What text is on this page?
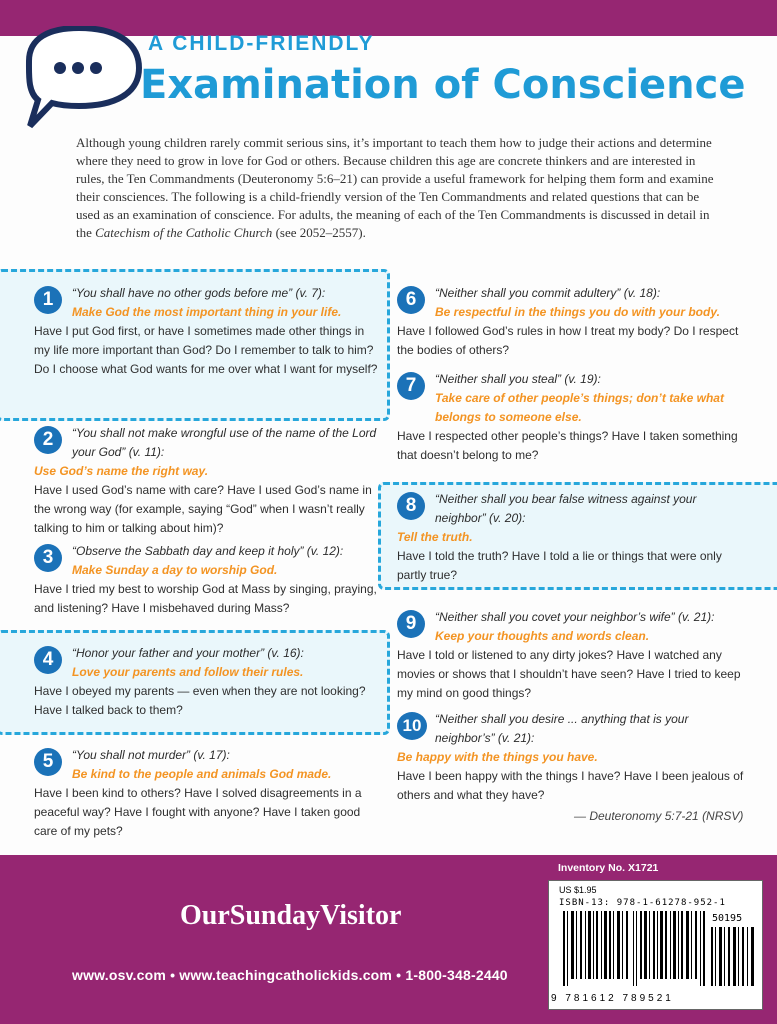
A CHILD-FRIENDLY
Examination of Conscience
Although young children rarely commit serious sins, it’s important to teach them how to judge their actions and determine where they need to grow in love for God or others. Because children this age are concrete thinkers and are interested in rules, the Ten Commandments (Deuteronomy 5:6–21) can provide a useful framework for helping them form and examine their consciences. The following is a child-friendly version of the Ten Commandments and related questions that can be used as an examination of conscience. For adults, the meaning of each of the Ten Commandments is discussed in detail in the Catechism of the Catholic Church (see 2052–2557).
1	“You shall have no other gods before me” (v. 7):
Make God the most important thing in your life.
Have I put God first, or have I sometimes made other things in my life more important than God? Do I remember to talk to him? Do I choose what God wants for me over what I want for myself?
2	“You shall not make wrongful use of the name of the Lord your God” (v. 11):
Use God’s name the right way.
Have I used God’s name with care? Have I used God’s name in the wrong way (for example, saying “God” when I wasn’t really talking to him or talking about him)?
3	“Observe the Sabbath day and keep it holy” (v. 12):
Make Sunday a day to worship God.
Have I tried my best to worship God at Mass by singing, praying, and listening? Have I misbehaved during Mass?
4	“Honor your father and your mother” (v. 16):
Love your parents and follow their rules.
Have I obeyed my parents — even when they are not looking? Have I talked back to them?
5	“You shall not murder” (v. 17):
Be kind to the people and animals God made.
Have I been kind to others? Have I solved disagreements in a peaceful way? Have I fought with anyone? Have I taken good care of my pets?
6	“Neither shall you commit adultery” (v. 18):
Be respectful in the things you do with your body.
Have I followed God’s rules in how I treat my body? Do I respect the bodies of others?
7	“Neither shall you steal” (v. 19):
Take care of other people’s things; don’t take what belongs to someone else.
Have I respected other people’s things? Have I taken something that doesn’t belong to me?
8	“Neither shall you bear false witness against your neighbor” (v. 20):
Tell the truth.
Have I told the truth? Have I told a lie or things that were only partly true?
9	“Neither shall you covet your neighbor’s wife” (v. 21):
Keep your thoughts and words clean.
Have I told or listened to any dirty jokes? Have I watched any movies or shows that I shouldn’t have seen? Have I tried to keep my mind on good things?
10	“Neither shall you desire ... anything that is your neighbor’s” (v. 21):
Be happy with the things you have.
Have I been happy with the things I have? Have I been jealous of others and what they have?
— Deuteronomy 5:7-21 (NRSV)
Inventory No. X1721
OurSundayVisitor
www.osv.com • www.teachingcatholickids.com • 1-800-348-2440
US $1.95
ISBN-13: 978-1-61278-952-1
50195
9 781612 789521
